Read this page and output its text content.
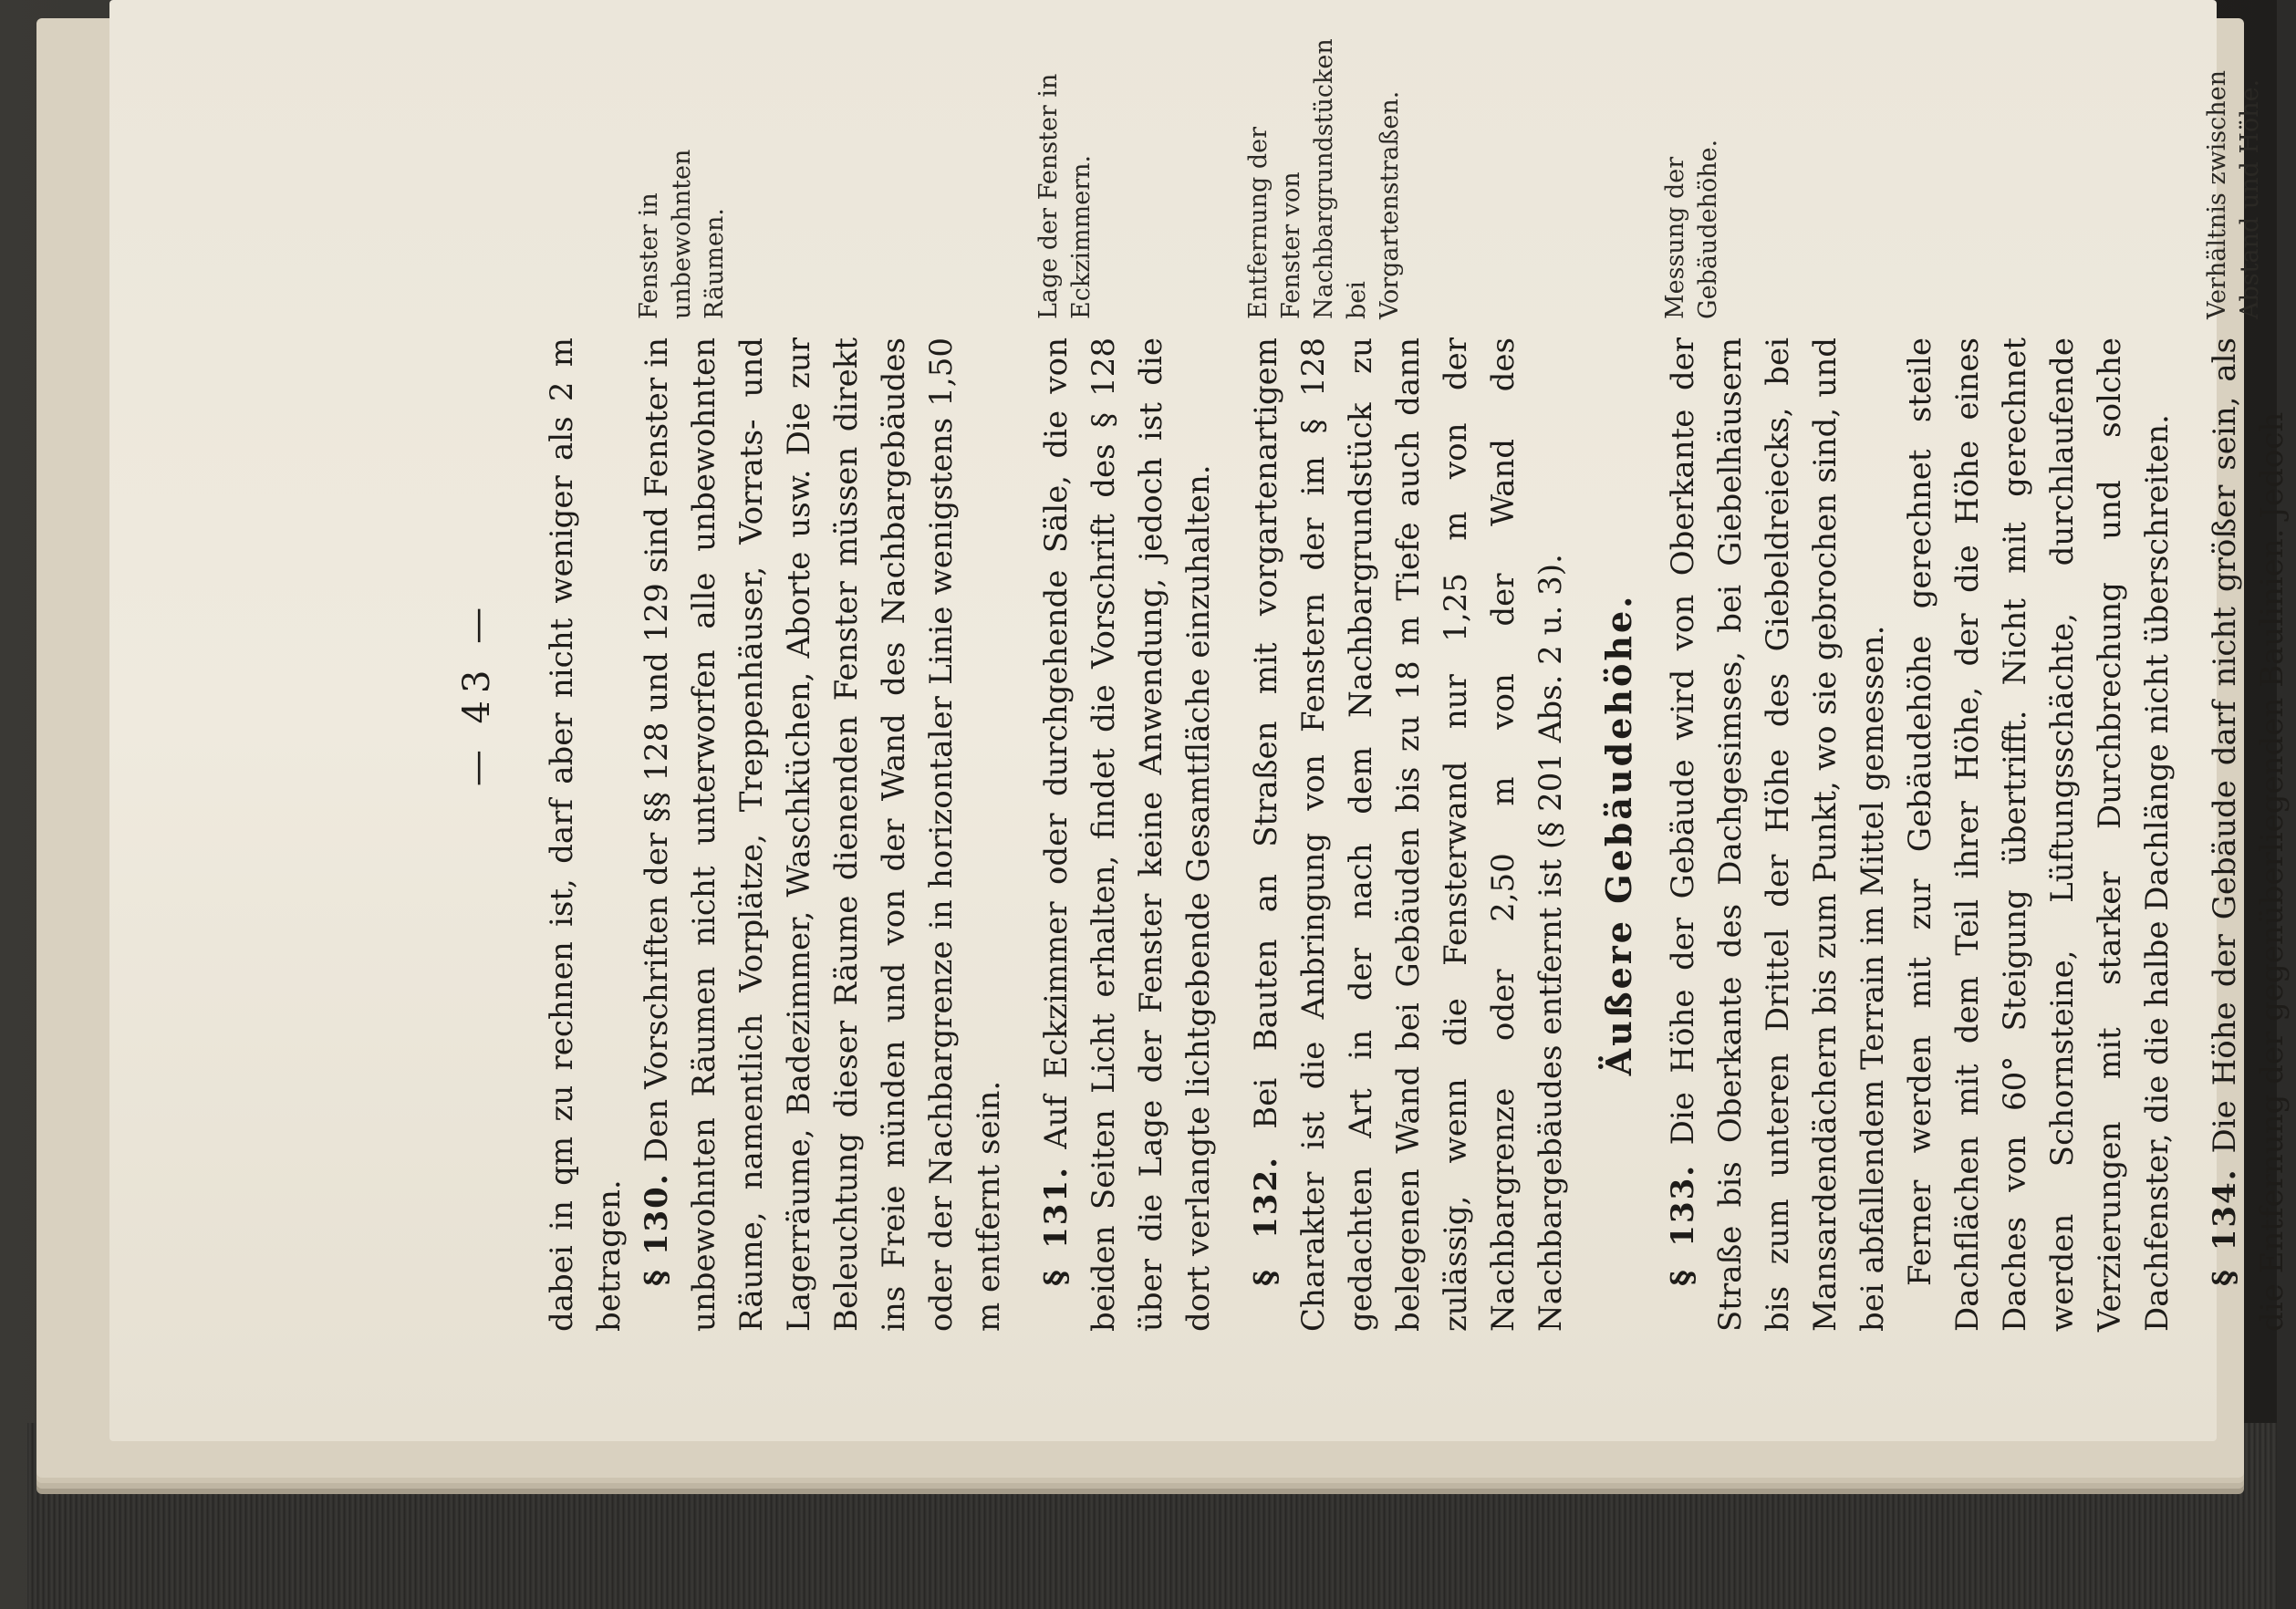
— 43 —	dabei in qm zu rechnen ist, darf aber nicht weniger als 2 m betragen. § 130. Den Vorschriften der §§ 128 und 129 sind Fenster in unbewohnten Räumen nicht unterworfen alle unbewohnten Räume, namentlich Vorplätze, Treppenhäuser, Vorrats- und Lagerräume, Badezimmer, Waschküchen, Aborte usw. Die zur Beleuchtung dieser Räume dienenden Fenster müssen direkt ins Freie münden und von der Wand des Nachbargebäudes oder der Nachbargrenze in horizontaler Linie wenigstens 1,50 m entfernt sein.

Fenster in unbewohnten Räumen.

§ 131. Auf Eckzimmer oder durchgehende Säle, die von beiden Seiten Licht erhalten, findet die Vorschrift des § 128 über die Lage der Fenster keine Anwendung, jedoch ist die dort verlangte lichtgebende Gesamtfläche einzuhalten.

Lage der Fenster in Eckzimmern.

§ 132. Bei Bauten an Straßen mit vorgartenartigem Charakter ist die Anbringung von Fenstern der im § 128 gedachten Art in der nach dem Nachbargrundstück zu belegenen Wand bei Gebäuden bis zu 18 m Tiefe auch dann zulässig, wenn die Fensterwand nur 1,25 m von der Nachbargrenze oder 2,50 m von der Wand des Nachbargebäudes entfernt ist (§ 201 Abs. 2 u. 3).

Entfernung der Fenster von Nachbargrundstücken bei Vorgartenstraßen.
Äußere Gebäudehöhe.

§ 133. Die Höhe der Gebäude wird von Oberkante der Straße bis Oberkante des Dachgesimses, bei Giebelhäusern bis zum unteren Drittel der Höhe des Giebeldreiecks, bei Mansardendächern bis zum Punkt, wo sie gebrochen sind, und bei abfallendem Terrain im Mittel gemessen.

Messung der Gebäudehöhe.

Ferner werden mit zur Gebäudehöhe gerechnet steile Dachflächen mit dem Teil ihrer Höhe, der die Höhe eines Daches von 60° Steigung übertrifft. Nicht mit gerechnet werden Schornsteine, Lüftungsschächte, durchlaufende Verzierungen mit starker Durchbrechung und solche Dachfenster, die die halbe Dachlänge nicht überschreiten. § 134. Die Höhe der Gebäude darf nicht größer sein, als die Entfernung der gegenüberliegenden Baulinien. Jedoch

Verhältnis zwischen Abstand und Höhe.
